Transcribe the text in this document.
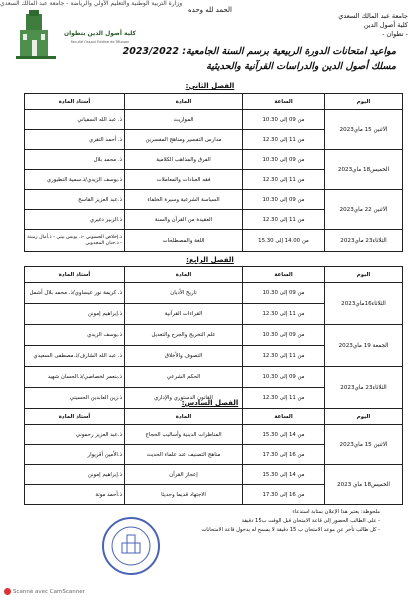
وزارة التربية الوطنية والتعليم الأولي والرياضة - جامعة عبد المالك السعدي
الحمد لله وحده
جامعة عبد المالك السعدي
كلية أصول الدين
- تطوان -
كلية أصول الدين بتطوان
Faculté Ossoul Eddine de Tétouan
مواعيد امتحانات الدورة الربيعية برسم السنة الجامعية: 2023/2022
مسلك أصول الدين والدراسات القرآنية والحديثية
الفصل الثاني:
اليوم	الساعة	المادة	أستاذ المادة
الاثنين 15 ماي2023	من 09 إلى 10.30	المواريث	ذ. عبد الله السفياني
	من 11 إلى 12.30	مدارس التفسير ومناهج المفسرين	ذ. أحمد التقري
الخميس18 ماي2023	من 09 إلى 10.30	الفرق والمذاهب الكلامية	ذ. محمد بلال
	من 11 إلى 12.30	فقه العبادات والمعاملات	ذ.يوسف الزيدي/ذ.سمية التطيوري
الاثنين 22 ماي2023	من 09 إلى 10.30	السياسة الشرعية وسيرة الخلفاء	ذ.عبد العزيز القاسح
	من 11 إلى 12.30	العقيدة من القرآن والسنة	ذ.الزبير دغيري
الثلاثاء23 ماي2023	من 14.00 إلى 15.30	اللغة والمصطلحات	ذ.إخلاص الحسوني -ذ. يونس بيني - ذ.أمال زميتة - ذ.حنان المجدوبي
الفصل الرابع:
اليوم	الساعة	المادة	أستاذ المادة
الثلاثاء16ماي2023	من 09 إلى 10.30	تاريخ الأديان	ذ. كريمة نور عيساوي/ذ. محمد بلال أشمل
	من 11 إلى 12.30	القراءات القرآنية	ذ.إبراهيم إمونن
الجمعة 19 ماي2023	من 09 إلى 10.30	علم التخريج والجرح والتعديل	ذ.يوسف الزيدي
	من 11 إلى 12.30	التصوف والأخلاق	ذ. عبد الله الشارف/ذ.مصطفى السعيدي
الثلاثاء23 ماي2023	من 09 إلى 10.30	الحكم الشرعي	ذ.بنعمر لخصاصي/ذ.الحسان شهيد
	من 11 إلى 12.30	القانون الدستوري والإداري	ذ.زين العابدين الحسيني
الفصل السادس:
اليوم	الساعة	المادة	أستاذ المادة
الاثنين 15 ماي2023	من 14 إلى 15.30	المناظرات الدينية وأساليب الحجاج	ذ.عبد العزيز رحموني
	من 16 إلى 17.30	مناهج التصنيف عند علماء الحديث	ذ.الأمين أقريوار
الخميس18 ماي 2023	من 14 إلى 15.30	إعجاز القرآن	ذ.إبراهيم إمونن
	من 16 إلى 17.30	الاجتهاد قديما وحديثا	ذ.أحمد مونة
ملحوظة: يعتبر هذا الإعلان بمثابة استدعاء
- على الطالب الحضور إلى قاعة الامتحان قبل الوقت ب15 دقيقة
- كل طالب تأخر عن موعد الامتحان ب 15 دقيقة لا يسمح له بدخول قاعة الامتحانات
Scanné avec CamScanner
